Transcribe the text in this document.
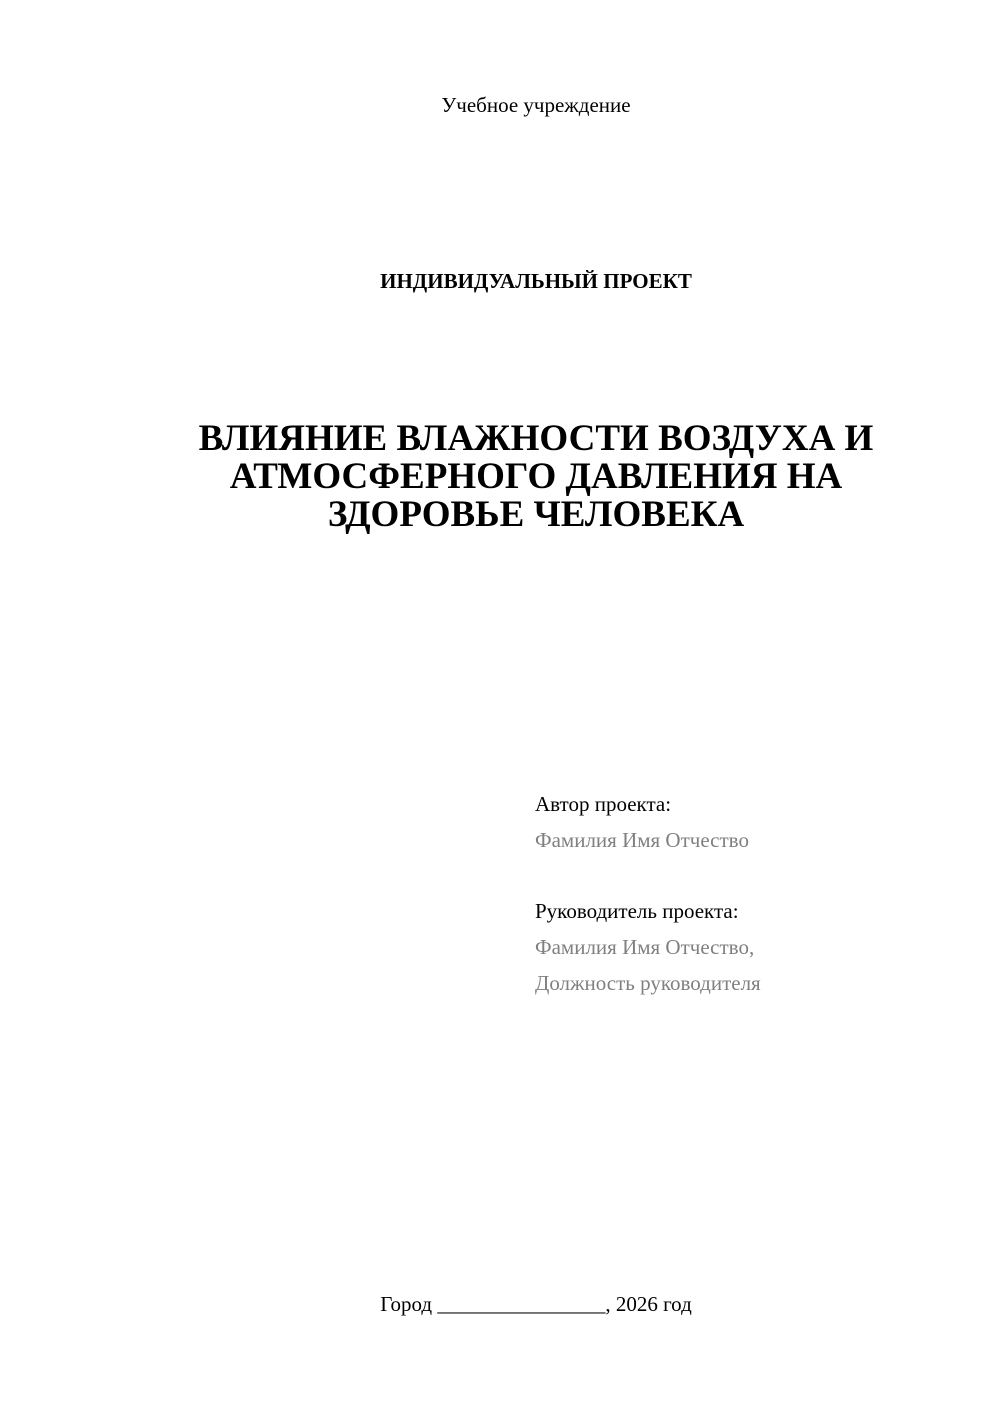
Учебное учреждение
ИНДИВИДУАЛЬНЫЙ ПРОЕКТ
ВЛИЯНИЕ ВЛАЖНОСТИ ВОЗДУХА И
АТМОСФЕРНОГО ДАВЛЕНИЯ НА
ЗДОРОВЬЕ ЧЕЛОВЕКА
Автор проекта:
Фамилия Имя Отчество
Руководитель проекта:
Фамилия Имя Отчество,
Должность руководителя
Город ________________, 2026 год
